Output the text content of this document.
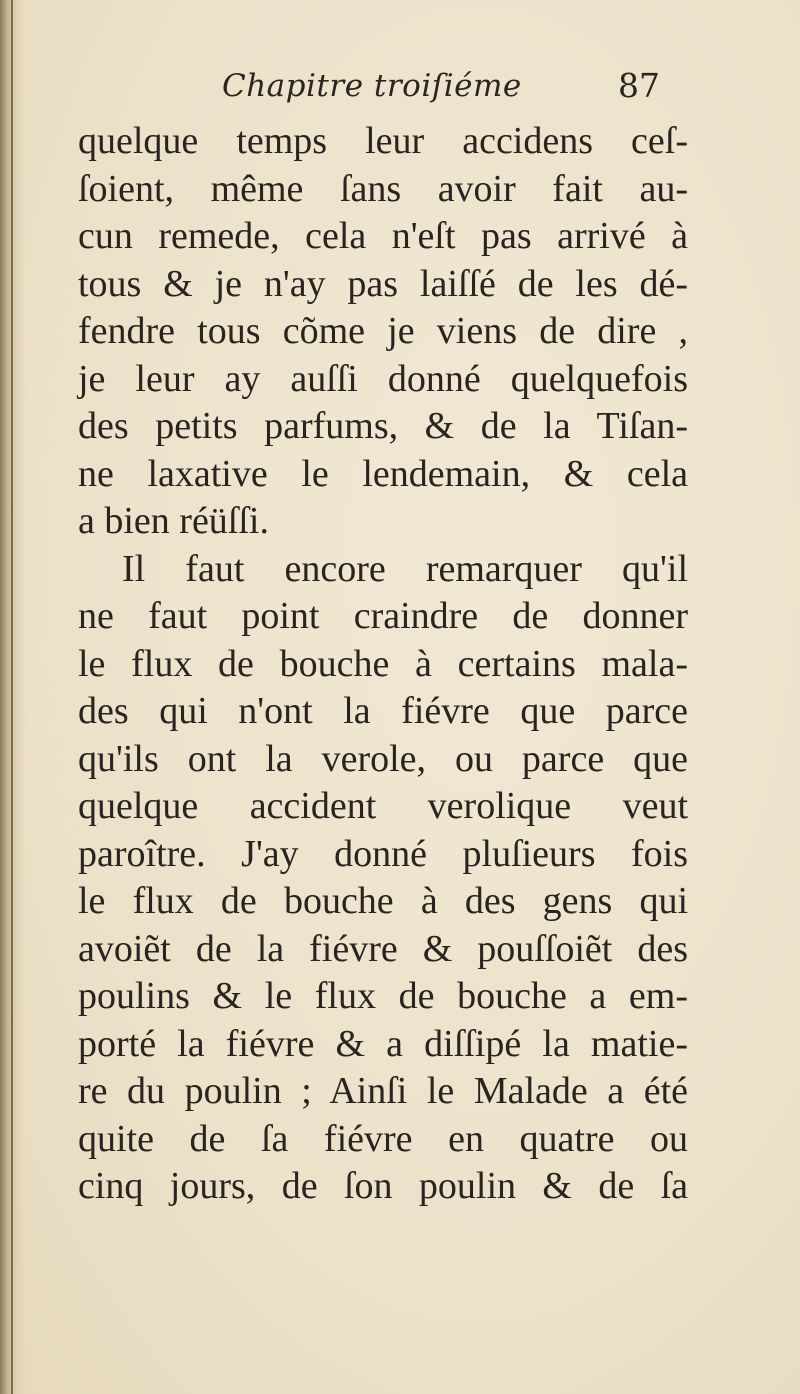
Chapitre troiſiéme	87
quelque temps leur accidens ceſ-
ſoient, même ſans avoir fait au-
cun remede, cela n'eſt pas arrivé à
tous & je n'ay pas laiſſé de les dé-
fendre tous cõme je viens de dire ,
je leur ay auſſi donné quelquefois
des petits parfums, & de la Tiſan-
ne laxative le lendemain, & cela
a bien réüſſi.
Il faut encore remarquer qu'il
ne faut point craindre de donner
le flux de bouche à certains mala-
des qui n'ont la fiévre que parce
qu'ils ont la verole, ou parce que
quelque accident verolique veut
paroître. J'ay donné pluſieurs fois
le flux de bouche à des gens qui
avoiẽt de la fiévre & pouſſoiẽt des
poulins & le flux de bouche a em-
porté la fiévre & a diſſipé la matie-
re du poulin ; Ainſi le Malade a été
quite de ſa fiévre en quatre ou
cinq jours, de ſon poulin & de ſa
